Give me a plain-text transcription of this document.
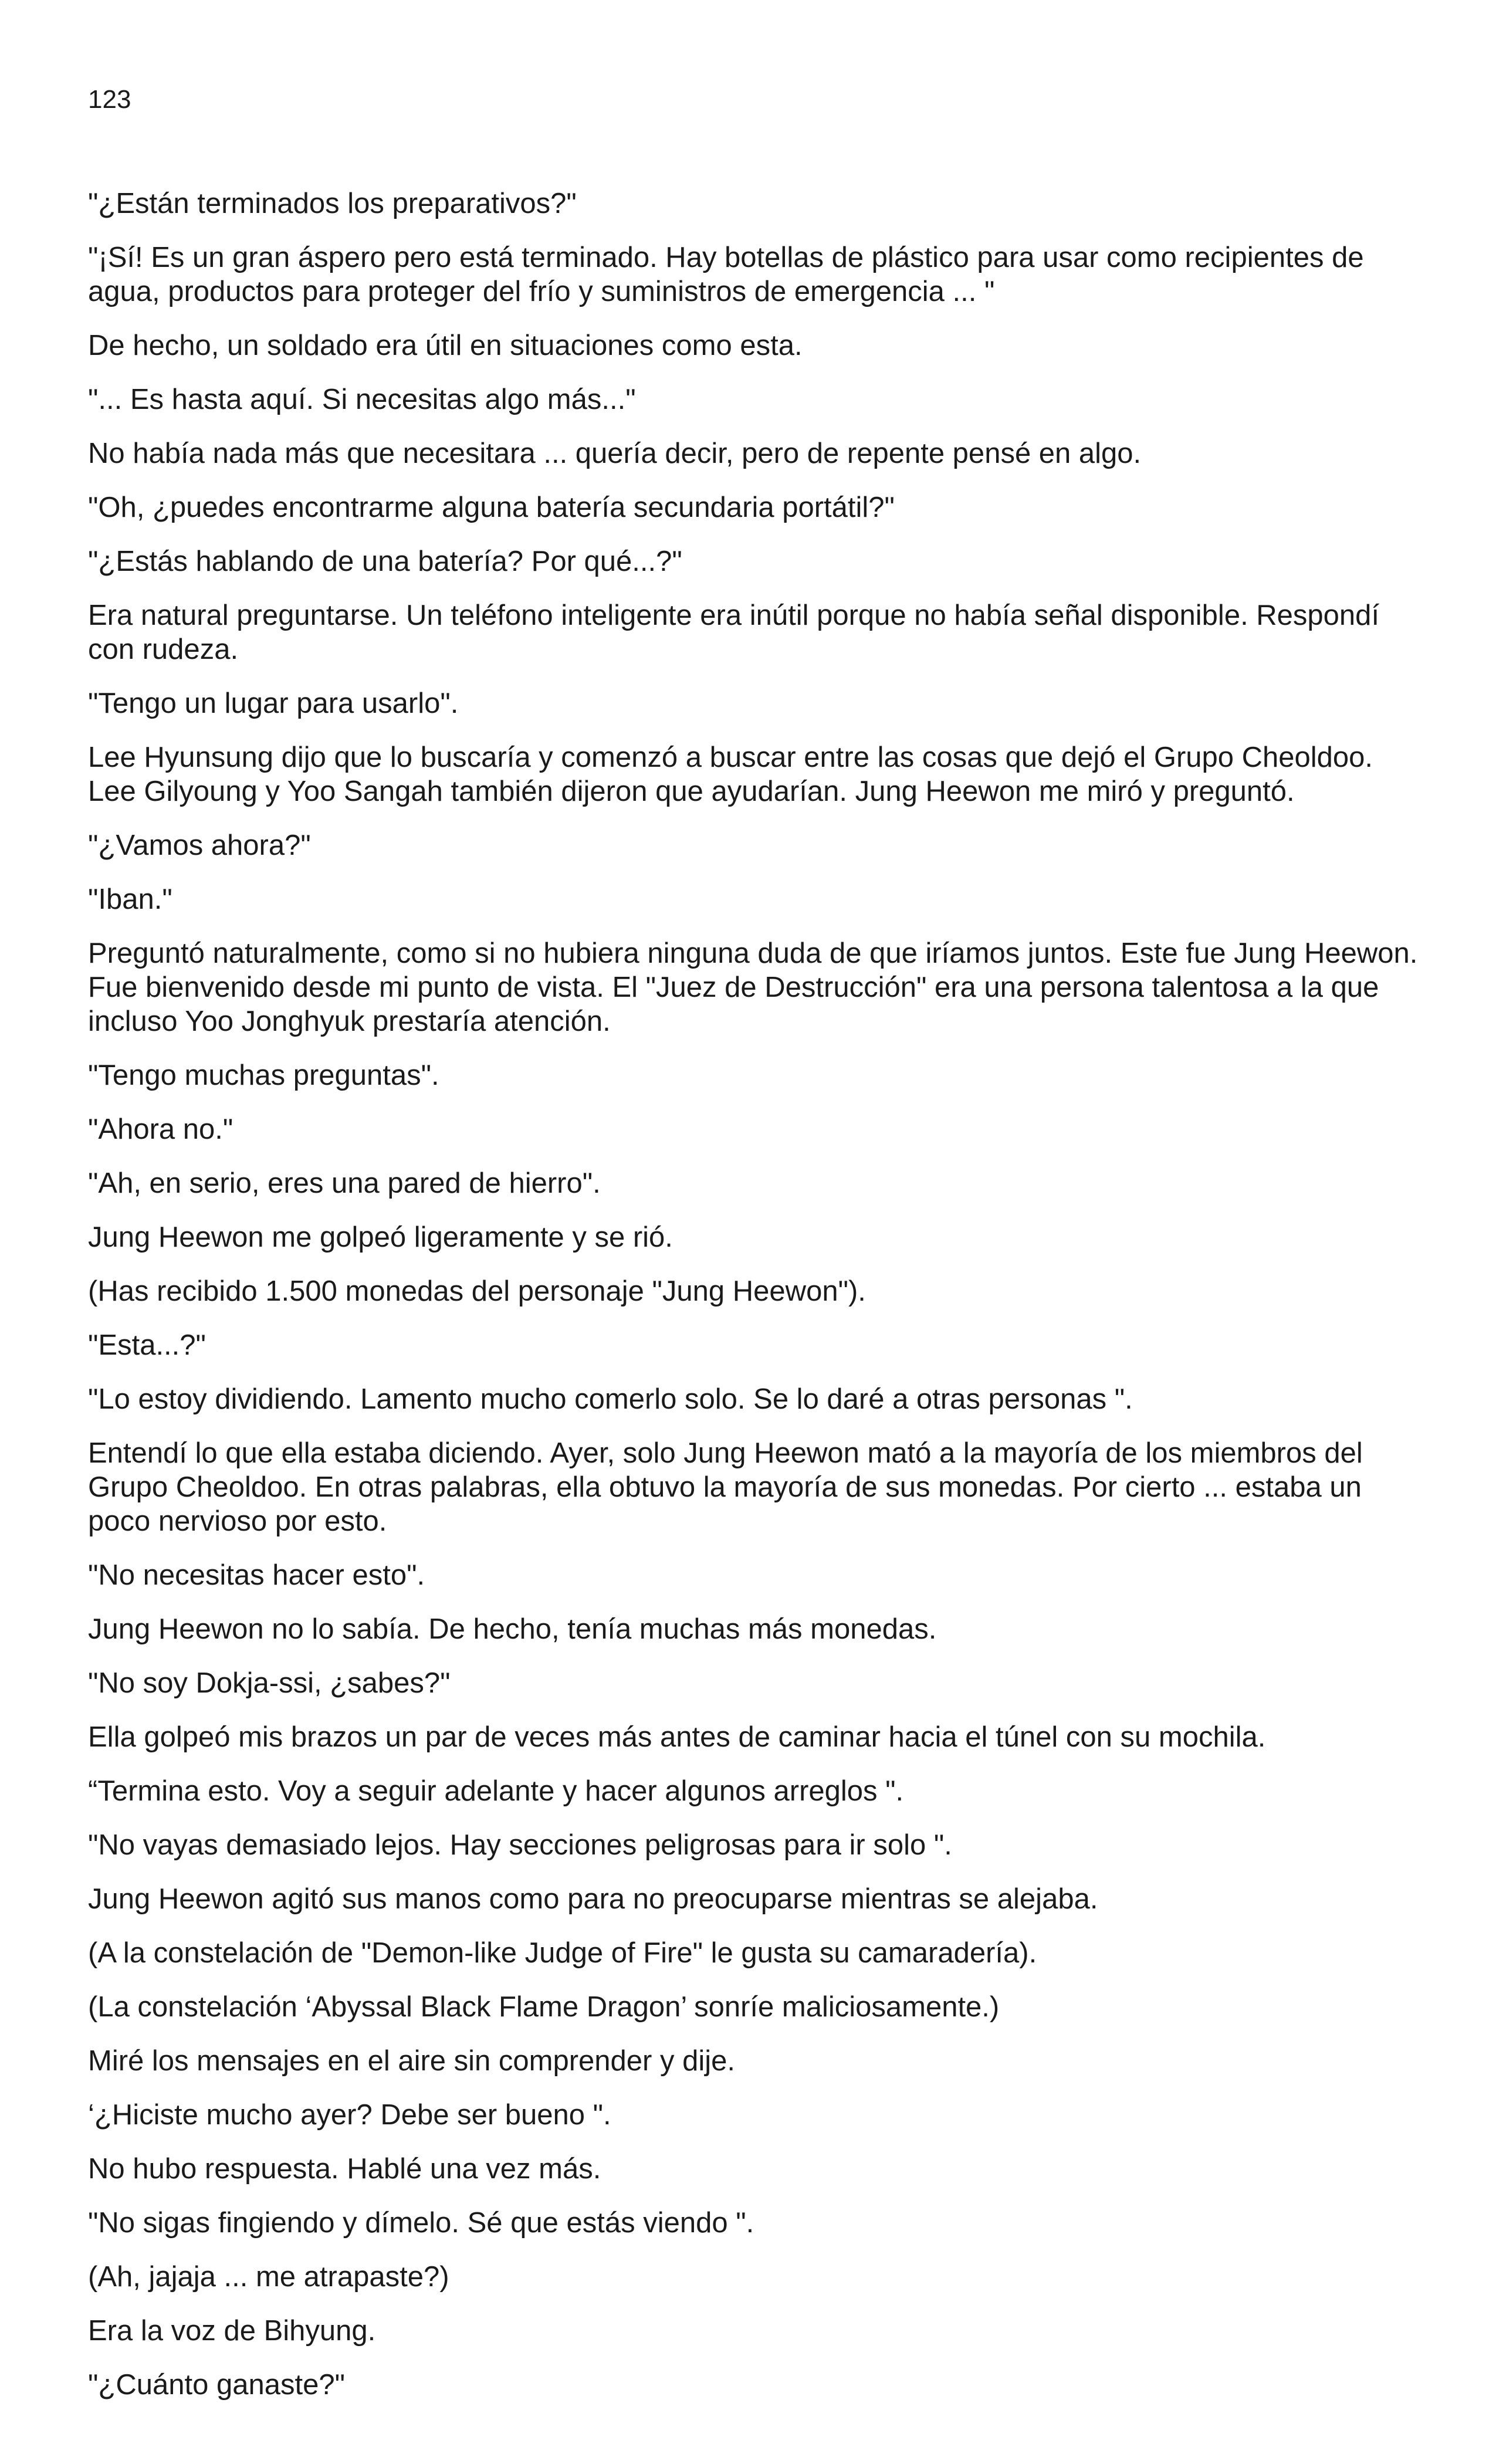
123

"¿Están terminados los preparativos?"

"¡Sí! Es un gran áspero pero está terminado. Hay botellas de plástico para usar como recipientes de agua, productos para proteger del frío y suministros de emergencia ... "

De hecho, un soldado era útil en situaciones como esta.

"... Es hasta aquí. Si necesitas algo más..."

No había nada más que necesitara ... quería decir, pero de repente pensé en algo.

"Oh, ¿puedes encontrarme alguna batería secundaria portátil?"

"¿Estás hablando de una batería? Por qué...?"

Era natural preguntarse. Un teléfono inteligente era inútil porque no había señal disponible. Respondí con rudeza.

"Tengo un lugar para usarlo".

Lee Hyunsung dijo que lo buscaría y comenzó a buscar entre las cosas que dejó el Grupo Cheoldoo. Lee Gilyoung y Yoo Sangah también dijeron que ayudarían. Jung Heewon me miró y preguntó.

"¿Vamos ahora?"

"Iban."

Preguntó naturalmente, como si no hubiera ninguna duda de que iríamos juntos. Este fue Jung Heewon. Fue bienvenido desde mi punto de vista. El "Juez de Destrucción" era una persona talentosa a la que incluso Yoo Jonghyuk prestaría atención.

"Tengo muchas preguntas".

"Ahora no."

"Ah, en serio, eres una pared de hierro".

Jung Heewon me golpeó ligeramente y se rió.

(Has recibido 1.500 monedas del personaje "Jung Heewon").

"Esta...?"

"Lo estoy dividiendo. Lamento mucho comerlo solo. Se lo daré a otras personas ".

Entendí lo que ella estaba diciendo. Ayer, solo Jung Heewon mató a la mayoría de los miembros del Grupo Cheoldoo. En otras palabras, ella obtuvo la mayoría de sus monedas. Por cierto ... estaba un poco nervioso por esto.

"No necesitas hacer esto".

Jung Heewon no lo sabía. De hecho, tenía muchas más monedas.

"No soy Dokja-ssi, ¿sabes?"

Ella golpeó mis brazos un par de veces más antes de caminar hacia el túnel con su mochila.

“Termina esto. Voy a seguir adelante y hacer algunos arreglos ".

"No vayas demasiado lejos. Hay secciones peligrosas para ir solo ".

Jung Heewon agitó sus manos como para no preocuparse mientras se alejaba.

(A la constelación de "Demon-like Judge of Fire" le gusta su camaradería).

(La constelación ‘Abyssal Black Flame Dragon’ sonríe maliciosamente.)

Miré los mensajes en el aire sin comprender y dije.

‘¿Hiciste mucho ayer? Debe ser bueno ".

No hubo respuesta. Hablé una vez más.

"No sigas fingiendo y dímelo. Sé que estás viendo ".

(Ah, jajaja ... me atrapaste?)

Era la voz de Bihyung.

"¿Cuánto ganaste?"
